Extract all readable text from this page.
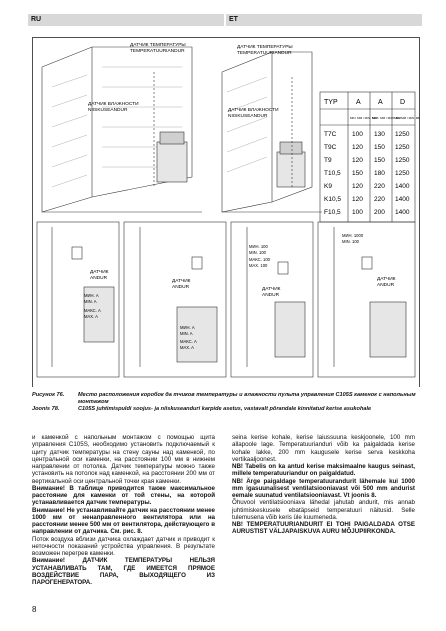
RU	ET
ДАТЧИК ТЕМПЕРАТУРЫ
TEMPERATUURIANDUR
ДАТЧИК ВЛАЖНОСТИ
NIISKUSEANDUR
ДАТЧИК ТЕМПЕРАТУРЫ
TEMPERATUURIANDUR
ДАТЧИК ВЛАЖНОСТИ
NIISKUSEANDUR
TYP	A A D
MIN. MM / MIN. MM
MAX. MM / MAX. MM
MIN. MM / MIN. MM
T7C 100 130 1250
T9C 120 150 1250
T9	120 150 1250
T10,5 150 180 1250
K9	120 220 1400
K10,5 120 220 1400
F10,5 100 200 1400
ДАТЧИК
ANDUR
МИН. A
MIN. A
МАКС. A
MAX. A
ДАТЧИК
ANDUR
МИН. A
MIN. A
МАКС. A
MAX. A
МИН. 100
MIN. 100
МАКС. 100
MAX. 100
ДАТЧИК
ANDUR
МИН. 1000
MIN. 100
ДАТЧИК
ANDUR
Рисунок 76.	Место расположения коробок да тчиков температуры и влажности пульта управления C105S каменок с напольным монтажом
Joonis 78.	C105S juhtimispuldi soojus- ja niiskuseanduri karpide asetus, vastavalt põrandale kinnitatud kerise asukohale

и каменкой с напольным монтажом с помощью щита управления C105S, необходимо установить подключаемый к щиту датчик температуры на стену сауны над каменкой, по центральной оси каменки, на расстоянии 100 мм в нижнем направлении от потолка. Датчик температуры можно также установить на потолок над каменкой, на расстоянии 200 мм от вертикальной оси центральной точки края каменки.

Внимание! В таблице приводится также максимальное расстояние для каменки от той стены, на которой устанавливается датчик температуры.

Внимание! Не устанавливайте датчик на расстоянии менее 1000 мм от ненаправленного вентилятора или на расстоянии менее 500 мм от вентилятора, действующего в направлении от датчика. См. рис. 8.

Поток воздуха вблизи датчика охлаждает датчик и приводит к неточности показаний устройства управления. В результате возможен перегрев каменки.

Внимание! ДАТЧИК ТЕМПЕРАТУРЫ НЕЛЬЗЯ УСТАНАВЛИВАТЬ ТАМ, ГДЕ ИМЕЕТСЯ ПРЯМОЕ ВОЗДЕЙСТВИЕ ПАРА, ВЫХОДЯЩЕГО ИЗ ПАРОГЕНЕРАТОРА.

seina kerise kohale, kerise laiussuuna keskjoonele, 100 mm allapoole lage. Temperatuurianduri võib ka paigaldada kerise kohale lakke, 200 mm kaugusele kerise serva keskkoha vertikaaljoonest.

NB! Tabelis on ka antud kerise maksimaalne kaugus seinast, millele temperatuuriandur on paigaldatud.

NB! Ärge paigaldage temperatuurandurit lähemale kui 1000 mm igasuunalisest ventilatsiooniavast või 500 mm andurist eemale suunatud ventilatsiooniavast. Vt joonis 8.

Õhuvool ventilatsiooniava lähedal jahutab andurit, mis annab juhtimiskeskusele ebatäpseid temperatuuri näitusid. Selle tulemusena võib keris üle kuumeneda.

NB! TEMPERATUURIANDURIT EI TOHI PAIGALDADA OTSE AURUSTIST VÄLJAPAISKUVA AURU MÕJUPIIRKONDA.

8
